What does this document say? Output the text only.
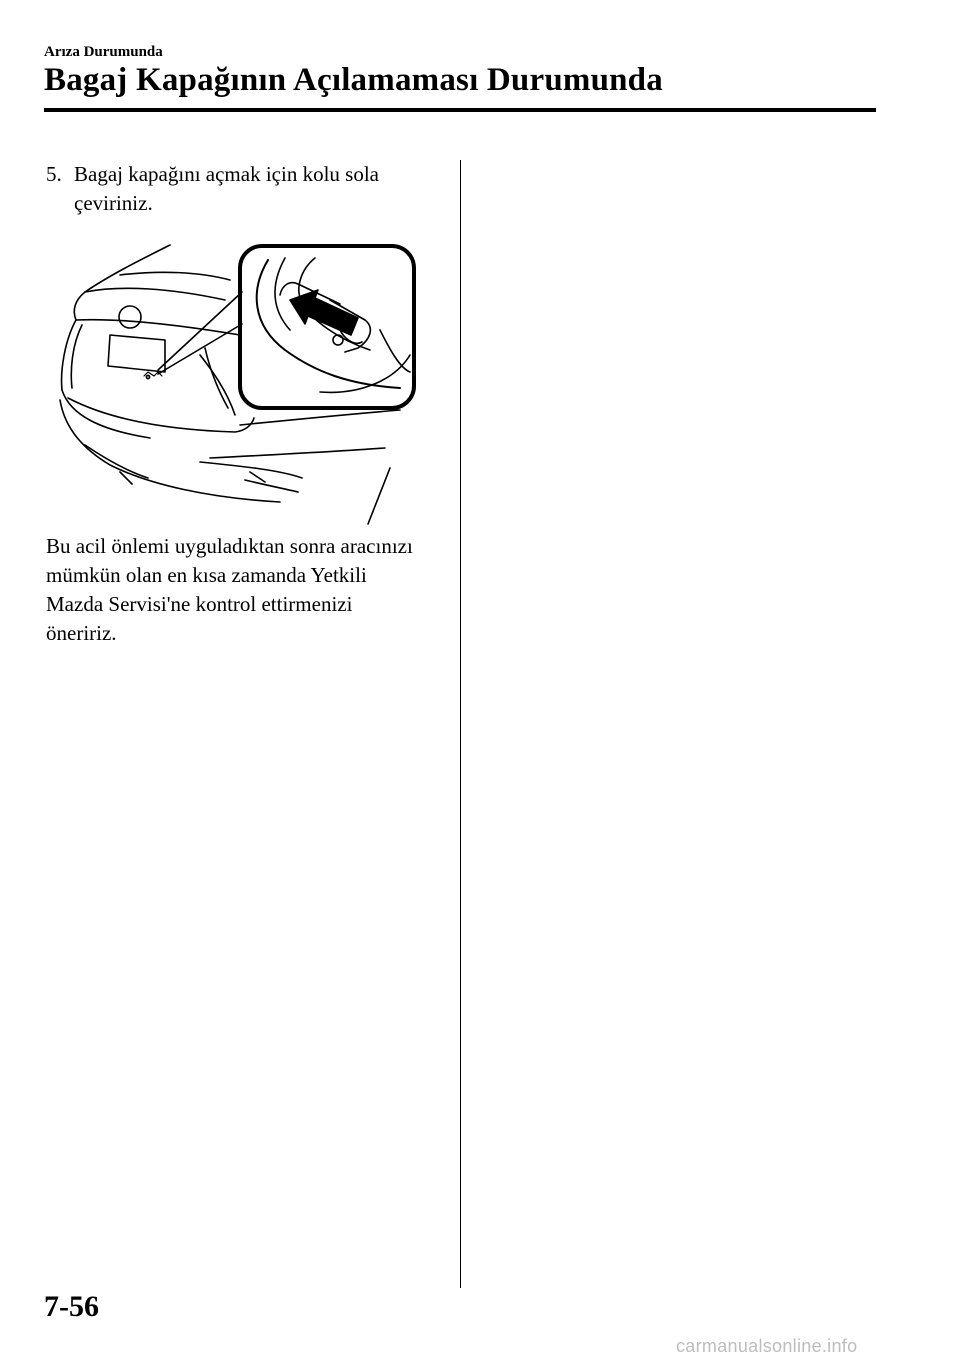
Arıza Durumunda
Bagaj Kapağının Açılamaması Durumunda
5. Bagaj kapağını açmak için kolu sola çeviriniz.
Bu acil önlemi uyguladıktan sonra aracınızı mümkün olan en kısa zamanda Yetkili Mazda Servisi'ne kontrol ettirmenizi öneririz.
7-56
carmanualsonline.info
